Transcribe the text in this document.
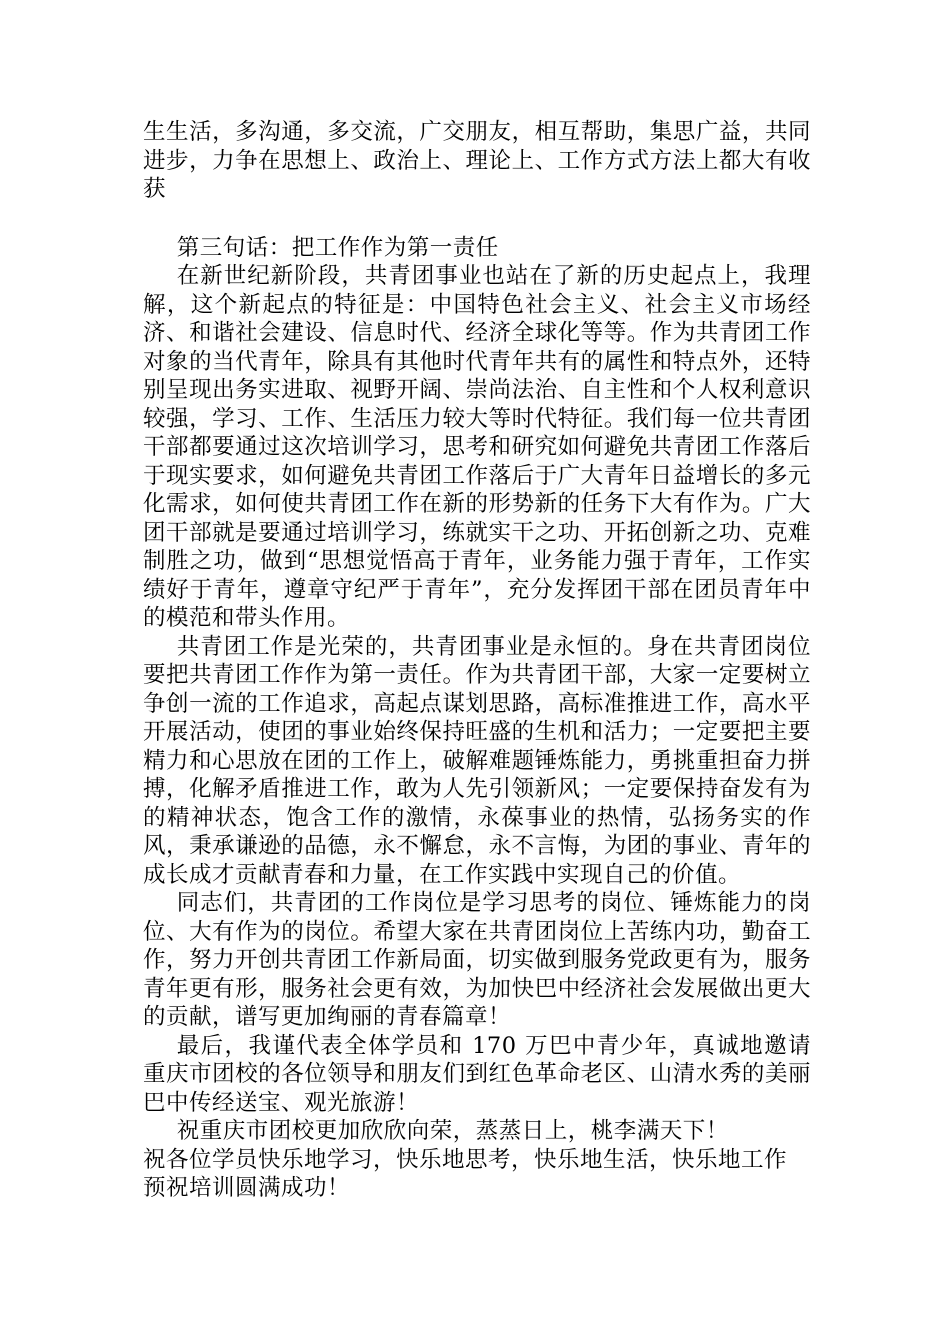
生生活，多沟通，多交流，广交朋友，相互帮助，集思广益，共同进步，力争在思想上、政治上、理论上、工作方式方法上都大有收获

第三句话：把工作作为第一责任

在新世纪新阶段，共青团事业也站在了新的历史起点上，我理解，这个新起点的特征是：中国特色社会主义、社会主义市场经济、和谐社会建设、信息时代、经济全球化等等。作为共青团工作对象的当代青年，除具有其他时代青年共有的属性和特点外，还特别呈现出务实进取、视野开阔、崇尚法治、自主性和个人权利意识较强，学习、工作、生活压力较大等时代特征。我们每一位共青团干部都要通过这次培训学习，思考和研究如何避免共青团工作落后于现实要求，如何避免共青团工作落后于广大青年日益增长的多元化需求，如何使共青团工作在新的形势新的任务下大有作为。广大团干部就是要通过培训学习，练就实干之功、开拓创新之功、克难制胜之功，做到“思想觉悟高于青年，业务能力强于青年，工作实绩好于青年，遵章守纪严于青年”，充分发挥团干部在团员青年中的模范和带头作用。

共青团工作是光荣的，共青团事业是永恒的。身在共青团岗位要把共青团工作作为第一责任。作为共青团干部，大家一定要树立争创一流的工作追求，高起点谋划思路，高标准推进工作，高水平开展活动，使团的事业始终保持旺盛的生机和活力；一定要把主要精力和心思放在团的工作上，破解难题锤炼能力，勇挑重担奋力拼搏，化解矛盾推进工作，敢为人先引领新风；一定要保持奋发有为的精神状态，饱含工作的激情，永葆事业的热情，弘扬务实的作风，秉承谦逊的品德，永不懈怠，永不言悔，为团的事业、青年的成长成才贡献青春和力量，在工作实践中实现自己的价值。

同志们，共青团的工作岗位是学习思考的岗位、锤炼能力的岗位、大有作为的岗位。希望大家在共青团岗位上苦练内功，勤奋工作，努力开创共青团工作新局面，切实做到服务党政更有为，服务青年更有形，服务社会更有效，为加快巴中经济社会发展做出更大的贡献，谱写更加绚丽的青春篇章！

最后，我谨代表全体学员和 170 万巴中青少年，真诚地邀请重庆市团校的各位领导和朋友们到红色革命老区、山清水秀的美丽巴中传经送宝、观光旅游！

祝重庆市团校更加欣欣向荣，蒸蒸日上，桃李满天下！

祝各位学员快乐地学习，快乐地思考，快乐地生活，快乐地工作

预祝培训圆满成功！
